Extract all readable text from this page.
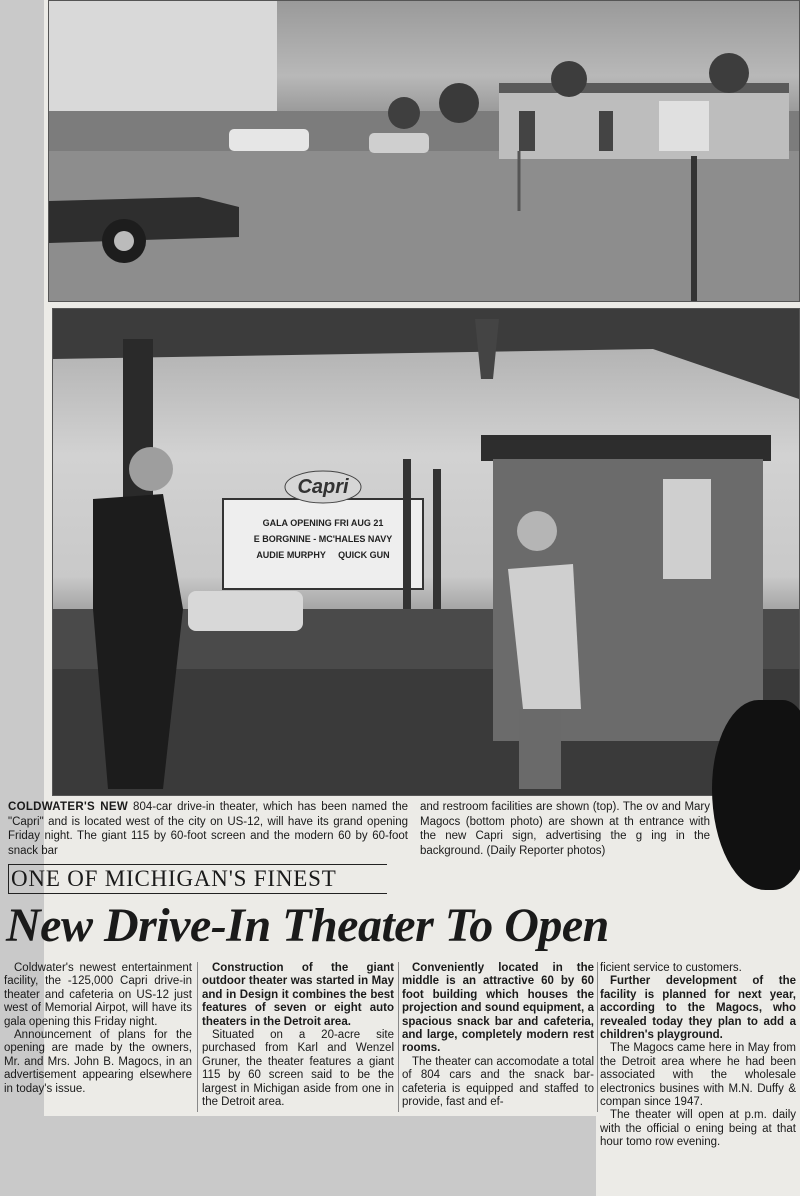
Capri
GALA OPENING FRI AUG 21
E BORGNINE - MC'HALES NAVY
AUDIE MURPHY QUICK GUN
COLDWATER'S NEW 804-car drive-in theater, which has been named the "Capri" and is located west of the city on US-12, will have its grand opening Friday night. The giant 115 by 60-foot screen and the modern 60 by 60-foot snack bar
and restroom facilities are shown (top). The ov and Mary Magocs (bottom photo) are shown at th entrance with the new Capri sign, advertising the g ing in the background. (Daily Reporter photos)
ONE OF MICHIGAN'S FINEST
New Drive-In Theater To Open

Coldwater's newest entertainment facility, the -125,000 Capri drive-in theater and cafeteria on US-12 just west of Memorial Airpot, will have its gala opening this Friday night.

Announcement of plans for the opening are made by the owners, Mr. and Mrs. John B. Magocs, in an advertisement appearing elsewhere in today's issue.

Construction of the giant outdoor theater was started in May and in Design it combines the best features of seven or eight auto theaters in the Detroit area.

Situated on a 20-acre site purchased from Karl and Wenzel Gruner, the theater features a giant 115 by 60 screen said to be the largest in Michigan aside from one in the Detroit area.

Conveniently located in the middle is an attractive 60 by 60 foot building which houses the projection and sound equipment, a spacious snack bar and cafeteria, and large, completely modern rest rooms.

The theater can accomodate a total of 804 cars and the snack bar-cafeteria is equipped and staffed to provide, fast and ef-

ficient service to customers.

Further development of the facility is planned for next year, according to the Magocs, who revealed today they plan to add a children's playground.

The Magocs came here in May from the Detroit area where he had been associated with the wholesale electronics busines with M.N. Duffy & compan since 1947.

The theater will open at p.m. daily with the official o ening being at that hour tomo row evening.
